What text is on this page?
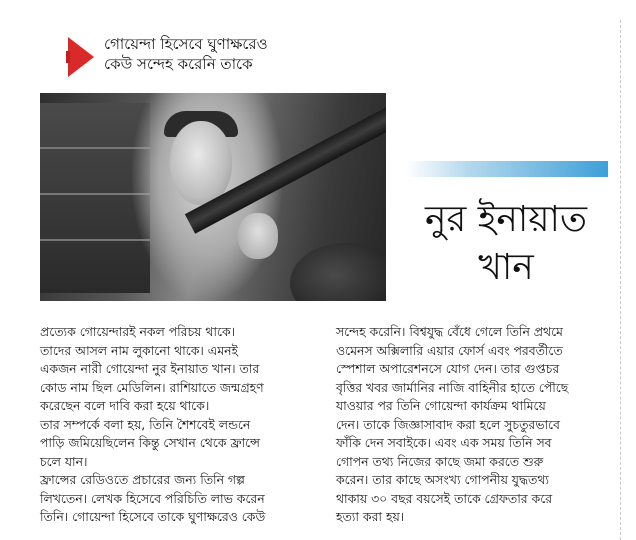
গোয়েন্দা হিসেবে ঘুণাক্ষরেও
কেউ সন্দেহ করেনি তাকে

নুর ইনায়াত
খান

প্রত্যেক গোয়েন্দারই নকল পরিচয় থাকে।
তাদের আসল নাম লুকানো থাকে। এমনই
একজন নারী গোয়েন্দা নুর ইনায়াত খান। তার
কোড নাম ছিল মেডিলিন। রাশিয়াতে জন্মগ্রহণ
করেছেন বলে দাবি করা হয়ে থাকে।
তার সম্পর্কে বলা হয়, তিনি শৈশবেই লন্ডনে
পাড়ি জমিয়েছিলেন কিন্তু সেখান থেকে ফ্রান্সে
চলে যান।
ফ্রান্সের রেডিওতে প্রচারের জন্য তিনি গল্প
লিখতেন। লেখক হিসেবে পরিচিতি লাভ করেন
তিনি। গোয়েন্দা হিসেবে তাকে ঘুণাক্ষরেও কেউ

সন্দেহ করেনি। বিশ্বযুদ্ধ বেঁধে গেলে তিনি প্রথমে
ওমেনস অক্সিলারি এয়ার ফোর্স এবং পরবর্তীতে
স্পেশাল অপারেশনসে যোগ দেন। তার গুপ্তচর
বৃত্তির খবর জার্মানির নাজি বাহিনীর হাতে পৌছে
যাওয়ার পর তিনি গোয়েন্দা কার্যক্রম থামিয়ে
দেন। তাকে জিজ্ঞাসাবাদ করা হলে সুচতুরভাবে
ফাঁকি দেন সবাইকে। এবং এক সময় তিনি সব
গোপন তথ্য নিজের কাছে জমা করতে শুরু
করেন। তার কাছে অসংখ্য গোপনীয় যুদ্ধতথ্য
থাকায় ৩০ বছর বয়সেই তাকে গ্রেফতার করে
হত্যা করা হয়।
